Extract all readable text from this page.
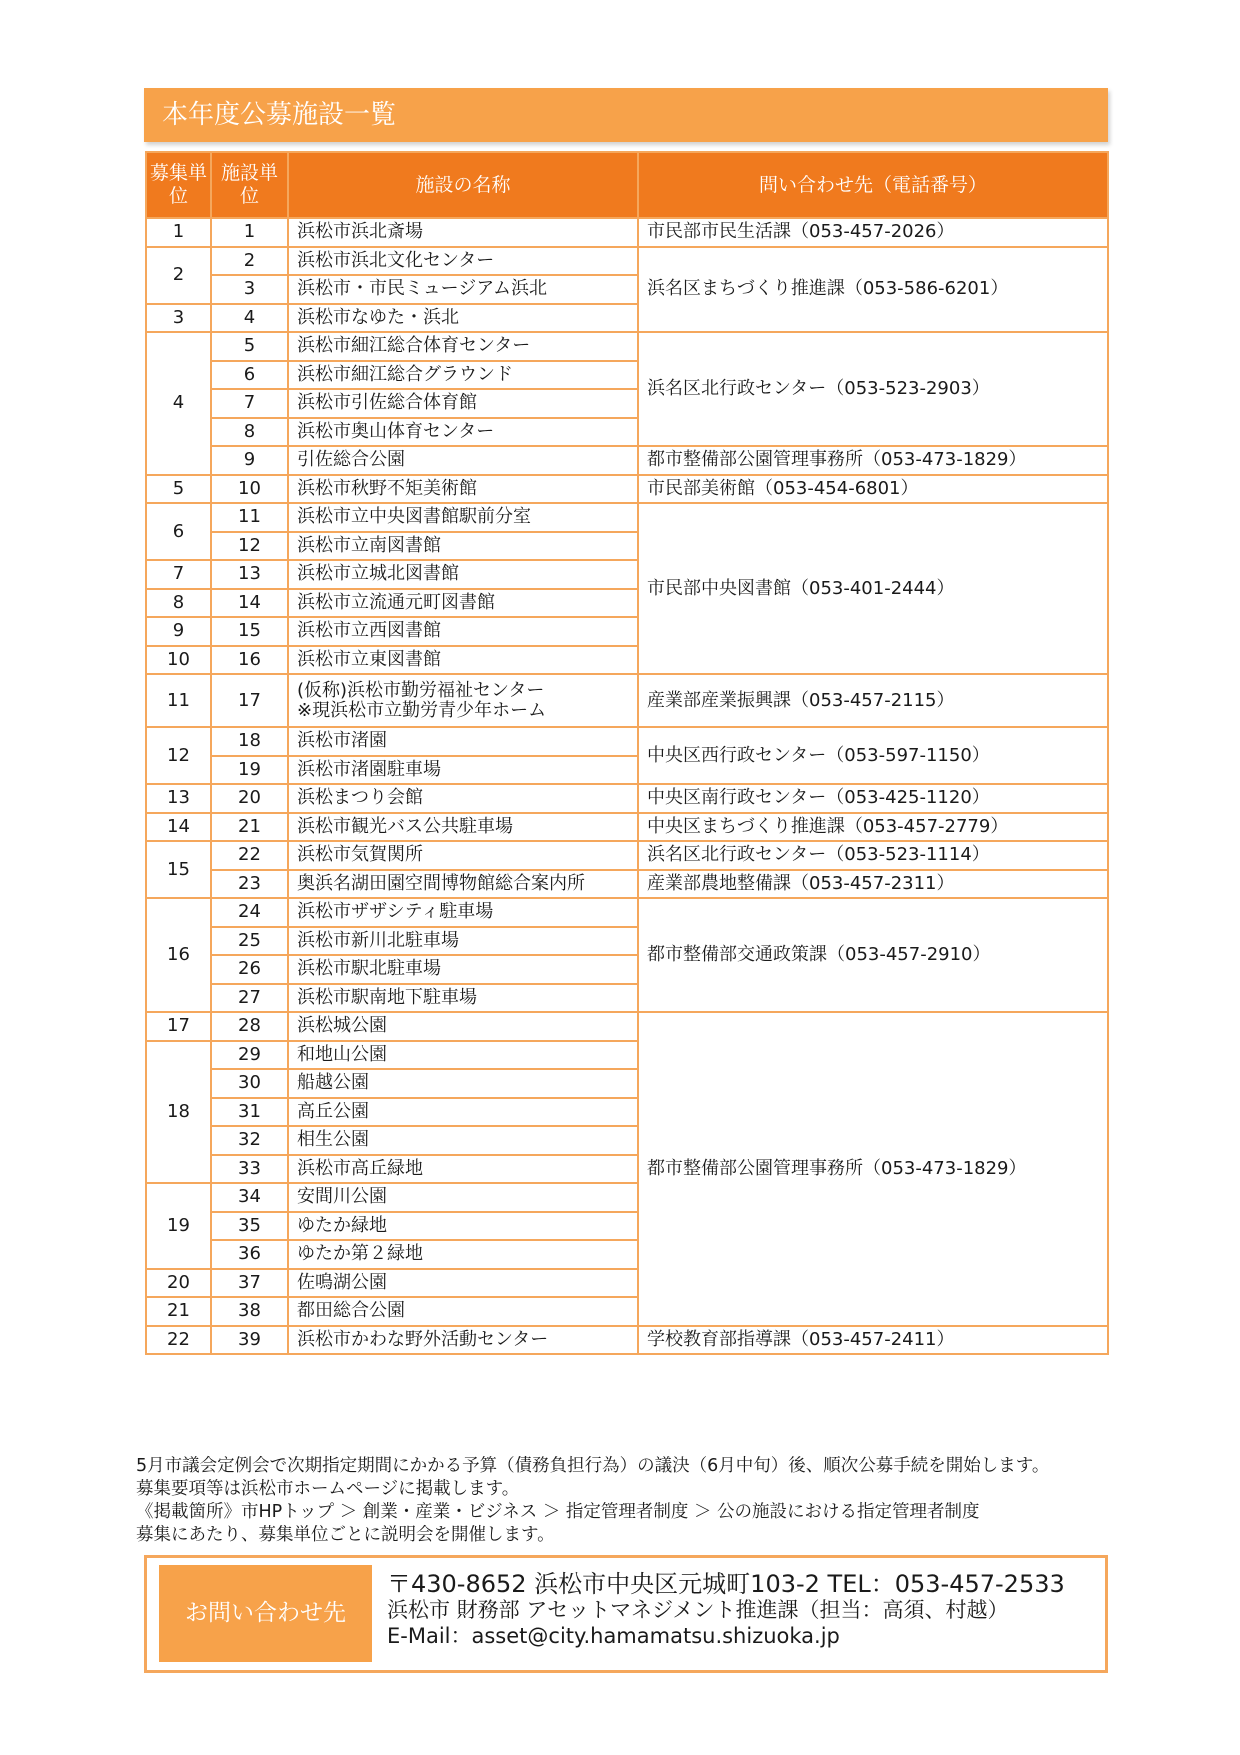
本年度公募施設一覧
募集単位	施設単位	施設の名称	問い合わせ先（電話番号）
1	1	浜松市浜北斎場	市民部市民生活課（053-457-2026）
2	2	浜松市浜北文化センター	浜名区まちづくり推進課（053-586-6201）
	3	浜松市・市民ミュージアム浜北	
3	4	浜松市なゆた・浜北	
4	5	浜松市細江総合体育センター	浜名区北行政センター（053-523-2903）
	6	浜松市細江総合グラウンド	
	7	浜松市引佐総合体育館	
	8	浜松市奥山体育センター	
	9	引佐総合公園	都市整備部公園管理事務所（053-473-1829）
5	10	浜松市秋野不矩美術館	市民部美術館（053-454-6801）
6	11	浜松市立中央図書館駅前分室	市民部中央図書館（053-401-2444）
	12	浜松市立南図書館	
7	13	浜松市立城北図書館	
8	14	浜松市立流通元町図書館	
9	15	浜松市立西図書館	
10	16	浜松市立東図書館	
11	17	(仮称)浜松市勤労福祉センター
※現浜松市立勤労青少年ホーム	産業部産業振興課（053-457-2115）
12	18	浜松市渚園	中央区西行政センター（053-597-1150）
	19	浜松市渚園駐車場	
13	20	浜松まつり会館	中央区南行政センター（053-425-1120）
14	21	浜松市観光バス公共駐車場	中央区まちづくり推進課（053-457-2779）
15	22	浜松市気賀関所	浜名区北行政センター（053-523-1114）
	23	奥浜名湖田園空間博物館総合案内所	産業部農地整備課（053-457-2311）
16	24	浜松市ザザシティ駐車場	都市整備部交通政策課（053-457-2910）
	25	浜松市新川北駐車場	
	26	浜松市駅北駐車場	
	27	浜松市駅南地下駐車場	
17	28	浜松城公園	都市整備部公園管理事務所（053-473-1829）
18	29	和地山公園	
	30	船越公園	
	31	高丘公園	
	32	相生公園	
	33	浜松市高丘緑地	
19	34	安間川公園	
	35	ゆたか緑地	
	36	ゆたか第２緑地	
20	37	佐鳴湖公園	
21	38	都田総合公園	
22	39	浜松市かわな野外活動センター	学校教育部指導課（053-457-2411）
5月市議会定例会で次期指定期間にかかる予算（債務負担行為）の議決（6月中旬）後、順次公募手続を開始します。
募集要項等は浜松市ホームページに掲載します。
《掲載箇所》市HPトップ ＞ 創業・産業・ビジネス ＞ 指定管理者制度 ＞ 公の施設における指定管理者制度
募集にあたり、募集単位ごとに説明会を開催します。
お問い合わせ先
〒430-8652 浜松市中央区元城町103-2 TEL：053-457-2533
浜松市 財務部 アセットマネジメント推進課（担当：高須、村越）
E-Mail：asset@city.hamamatsu.shizuoka.jp
